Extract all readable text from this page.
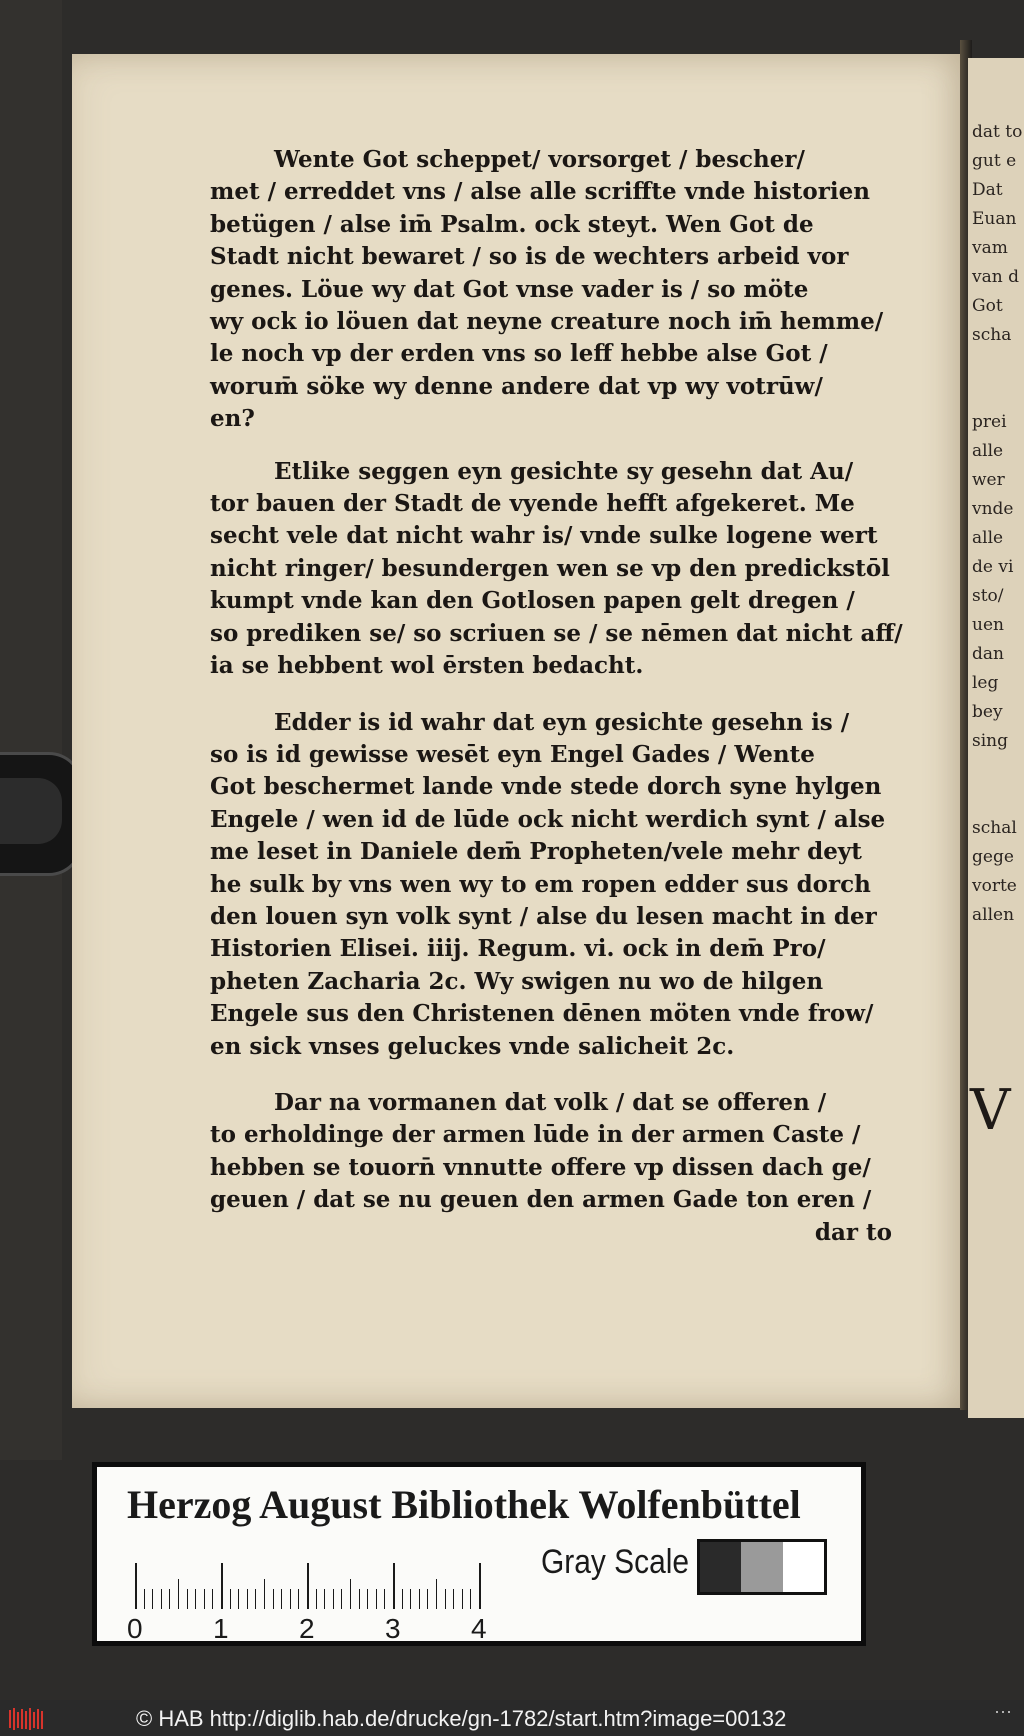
dat to
gut e
Dat
Euan
vam
van d
Got
scha

prei
alle
wer
vnde
alle
de vi
sto/
uen
dan
leg
bey
sing

schal
gege
vorte
allen
V
Wente Got scheppet/ vorsorget / bescher/
met / erreddet vns / alse alle scriffte vnde historien
betügen / alse im̄ Psalm. ock steyt. Wen Got de
Stadt nicht bewaret / so is de wechters arbeid vor
genes. Löue wy dat Got vnse vader is / so möte
wy ock io löuen dat neyne creature noch im̄ hemme/
le noch vp der erden vns so leff hebbe alse Got /
worum̄ söke wy denne andere dat vp wy votrūw/
en?
Etlike seggen eyn gesichte sy gesehn dat Au/
tor bauen der Stadt de vyende hefft afgekeret. Me
secht vele dat nicht wahr is/ vnde sulke logene wert
nicht ringer/ besundergen wen se vp den predickstōl
kumpt vnde kan den Gotlosen papen gelt dregen /
so prediken se/ so scriuen se / se nēmen dat nicht aff/
ia se hebbent wol ērsten bedacht.
Edder is id wahr dat eyn gesichte gesehn is /
so is id gewisse wesēt eyn Engel Gades / Wente
Got beschermet lande vnde stede dorch syne hylgen
Engele / wen id de lūde ock nicht werdich synt / alse
me leset in Daniele dem̄ Propheten/vele mehr deyt
he sulk by vns wen wy to em ropen edder sus dorch
den louen syn volk synt / alse du lesen macht in der
Historien Elisei. iiij. Regum. vi. ock in dem̄ Pro/
pheten Zacharia 2c. Wy swigen nu wo de hilgen
Engele sus den Christenen dēnen möten vnde frow/
en sick vnses geluckes vnde salicheit 2c.
Dar na vormanen dat volk / dat se offeren /
to erholdinge der armen lūde in der armen Caste /
hebben se touorn̄ vnnutte offere vp dissen dach ge/
geuen / dat se nu geuen den armen Gade ton eren /
dar to
Herzog August Bibliothek Wolfenbüttel
Gray Scale
0	1	2	3	4
© HAB http://diglib.hab.de/drucke/gn-1782/start.htm?image=00132	⋯
